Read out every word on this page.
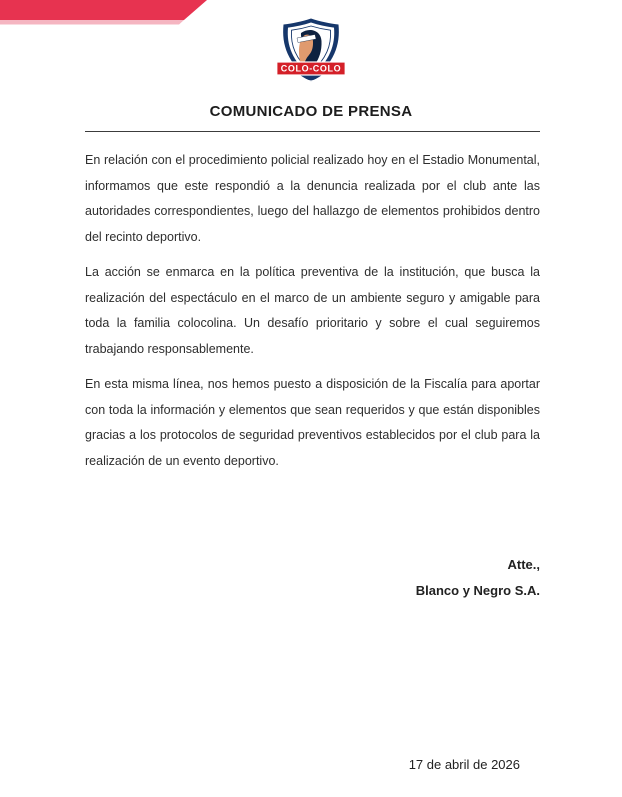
COLO-COLO
COMUNICADO DE PRENSA

En relación con el procedimiento policial realizado hoy en el Estadio Monumental, informamos que este respondió a la denuncia realizada por el club ante las autoridades correspondientes, luego del hallazgo de elementos prohibidos dentro del recinto deportivo.

La acción se enmarca en la política preventiva de la institución, que busca la realización del espectáculo en el marco de un ambiente seguro y amigable para toda la familia colocolina. Un desafío prioritario y sobre el cual seguiremos trabajando responsablemente.

En esta misma línea, nos hemos puesto a disposición de la Fiscalía para aportar con toda la información y elementos que sean requeridos y que están disponibles gracias a los protocolos de seguridad preventivos establecidos por el club para la realización de un evento deportivo.

Atte.,
Blanco y Negro S.A.
17 de abril de 2026
